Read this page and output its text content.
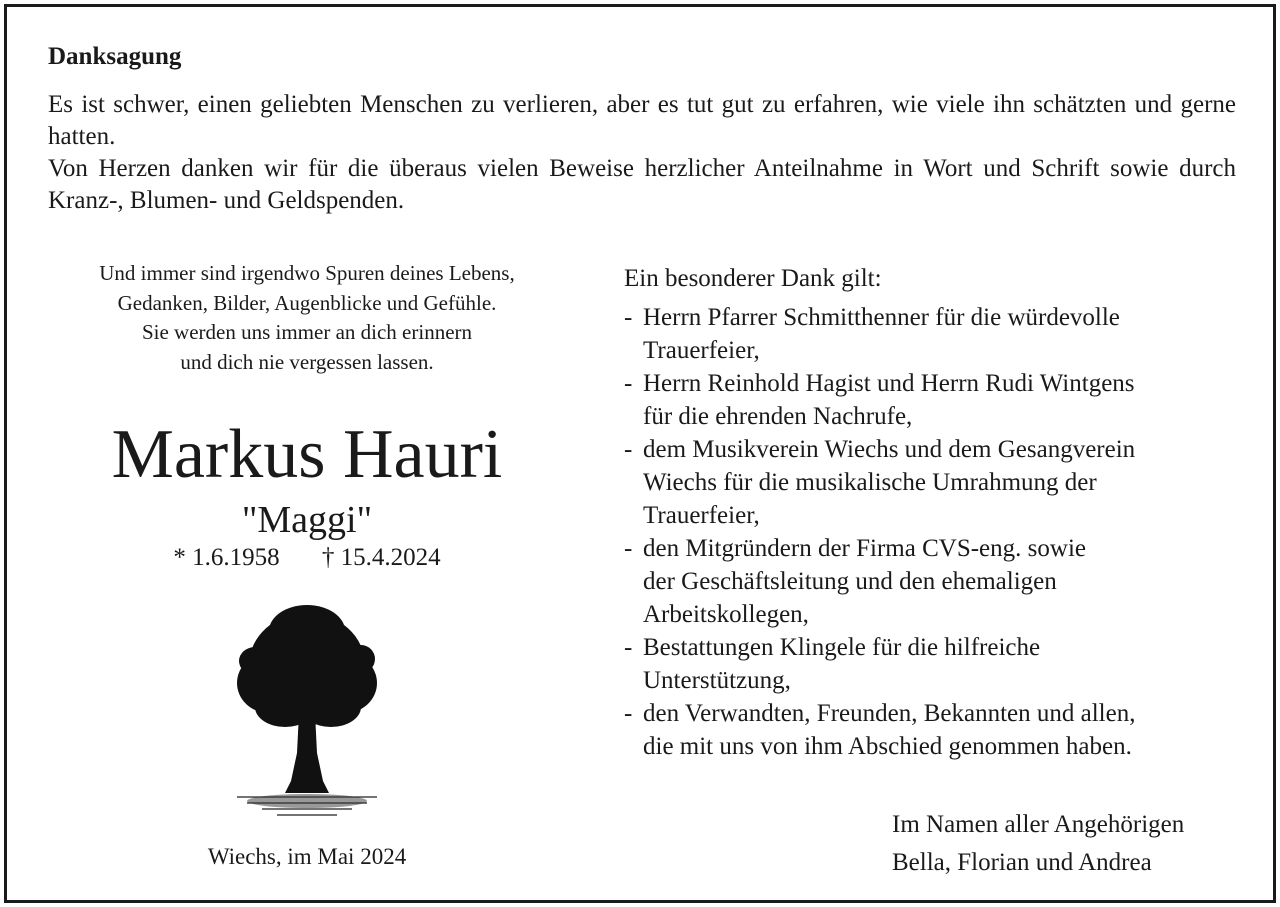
Danksagung

Es ist schwer, einen geliebten Menschen zu verlieren, aber es tut gut zu erfahren, wie viele ihn schätzten und gerne hatten.

Von Herzen danken wir für die überaus vielen Beweise herzlicher Anteilnahme in Wort und Schrift sowie durch Kranz-, Blumen- und Geldspenden.

Und immer sind irgendwo Spuren deines Lebens,
Gedanken, Bilder, Augenblicke und Gefühle.
Sie werden uns immer an dich erinnern
und dich nie vergessen lassen.
Markus Hauri
"Maggi"
* 1.6.1958 † 15.4.2024
Wiechs, im Mai 2024
Ein besonderer Dank gilt:
- Herrn Pfarrer Schmitthenner für die würdevolle
Trauerfeier,
- Herrn Reinhold Hagist und Herrn Rudi Wintgens
für die ehrenden Nachrufe,
- dem Musikverein Wiechs und dem Gesangverein
Wiechs für die musikalische Umrahmung der
Trauerfeier,
- den Mitgründern der Firma CVS-eng. sowie
der Geschäftsleitung und den ehemaligen
Arbeitskollegen,
- Bestattungen Klingele für die hilfreiche
Unterstützung,
- den Verwandten, Freunden, Bekannten und allen,
die mit uns von ihm Abschied genommen haben.
Im Namen aller Angehörigen
Bella, Florian und Andrea
